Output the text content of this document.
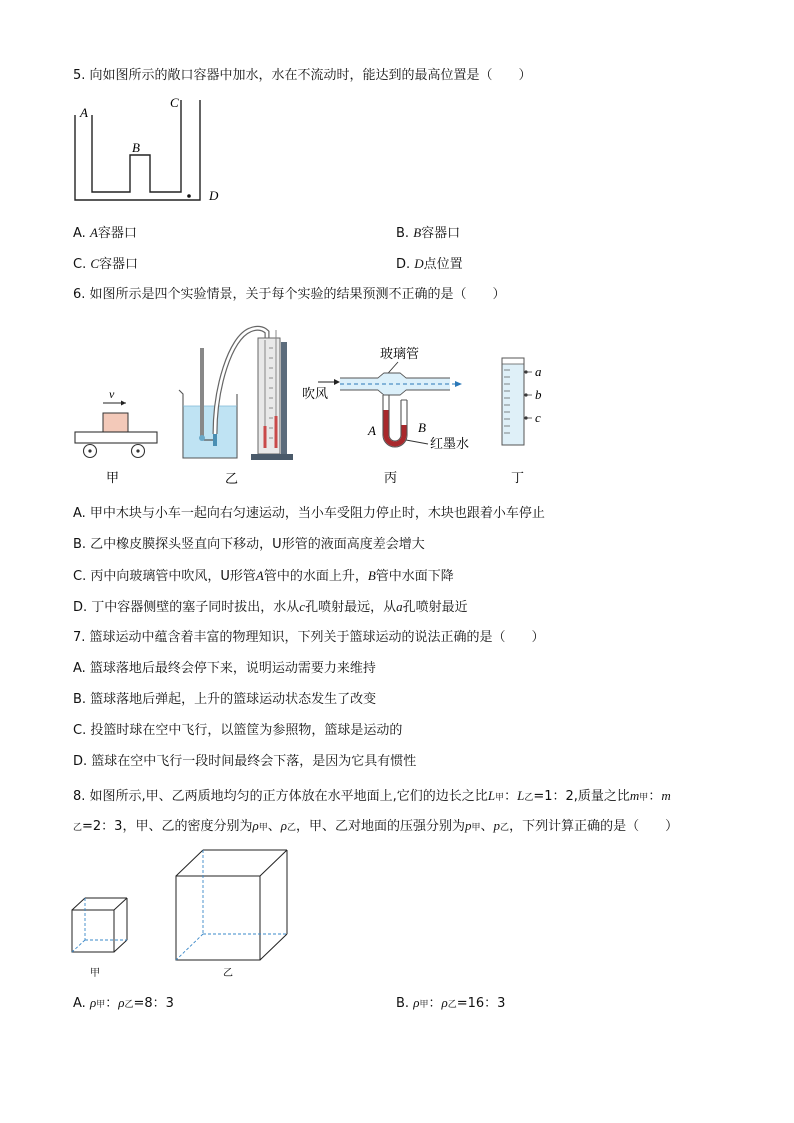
5. 向如图所示的敞口容器中加水，水在不流动时，能达到的最高位置是（　　）
A
B
C
D
A. A容器口	B. B容器口
C. C容器口	D. D点位置
6. 如图所示是四个实验情景，关于每个实验的结果预测不正确的是（　　）
v
甲	乙
玻璃管
吹风
A	B
红墨水
丙
a
b
c
丁
A. 甲中木块与小车一起向右匀速运动，当小车受阻力停止时，木块也跟着小车停止
B. 乙中橡皮膜探头竖直向下移动，U形管的液面高度差会增大
C. 丙中向玻璃管中吹风，U形管A管中的水面上升，B管中水面下降
D. 丁中容器侧壁的塞子同时拔出，水从c孔喷射最远，从a孔喷射最近
7. 篮球运动中蕴含着丰富的物理知识，下列关于篮球运动的说法正确的是（　　）
A. 篮球落地后最终会停下来，说明运动需要力来维持
B. 篮球落地后弹起，上升的篮球运动状态发生了改变
C. 投篮时球在空中飞行，以篮筐为参照物，篮球是运动的
D. 篮球在空中飞行一段时间最终会下落，是因为它具有惯性
8. 如图所示,甲、乙两质地均匀的正方体放在水平地面上,它们的边长之比L甲：L乙=1：2,质量之比m甲：m
乙=2：3，甲、乙的密度分别为ρ甲、ρ乙，甲、乙对地面的压强分别为p甲、p乙，下列计算正确的是（　　）
甲	乙
A. ρ甲：ρ乙=8：3	B. ρ甲：ρ乙=16：3
